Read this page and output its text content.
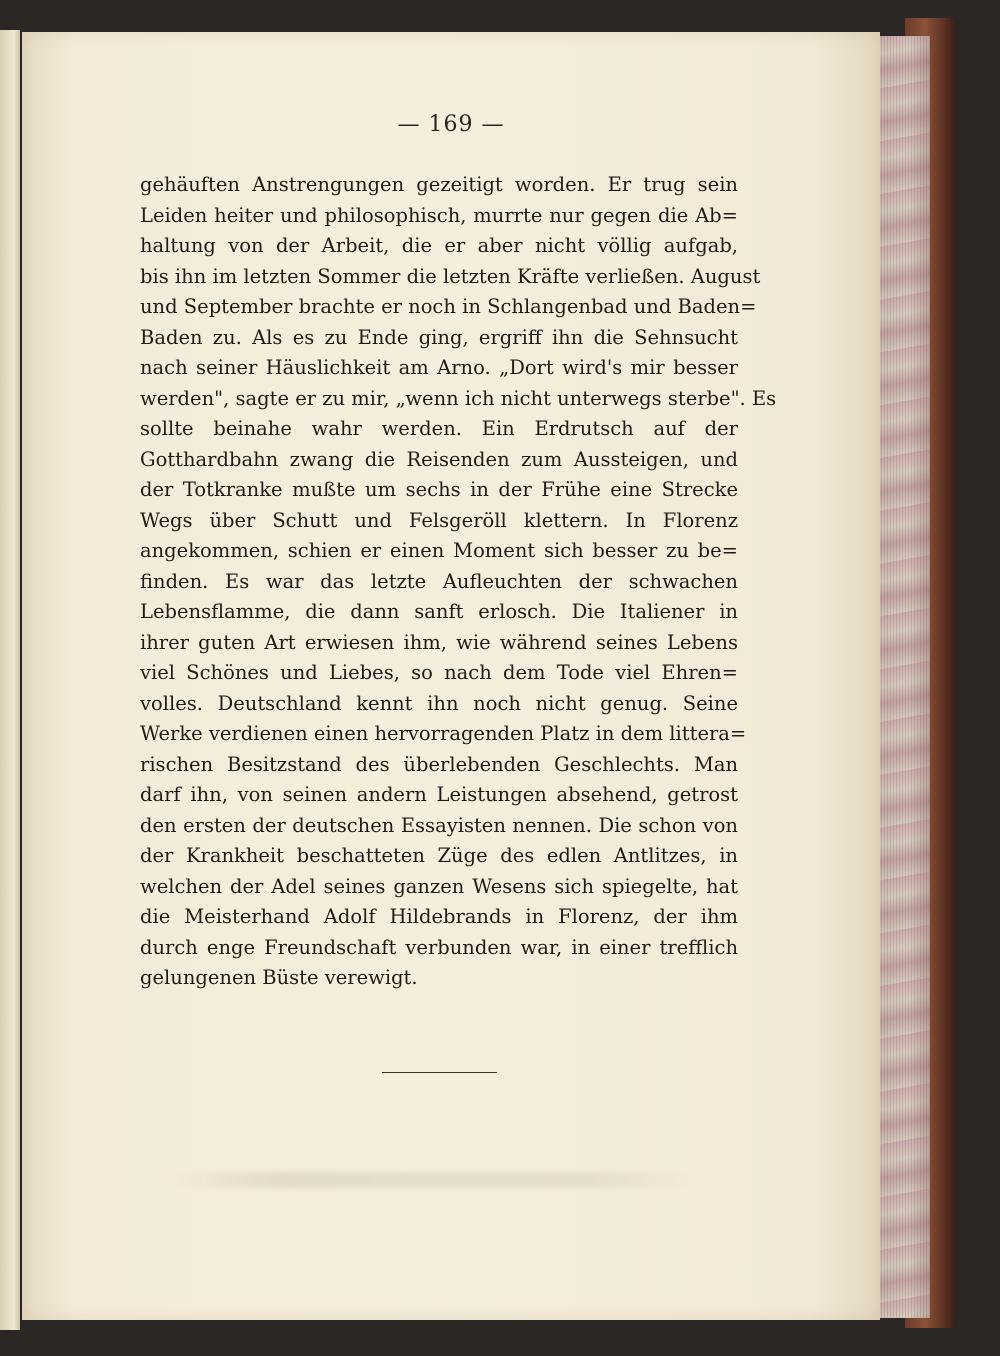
— 169 —

gehäuften Anstrengungen gezeitigt worden. Er trug sein
Leiden heiter und philosophisch, murrte nur gegen die Ab=
haltung von der Arbeit, die er aber nicht völlig aufgab,
bis ihn im letzten Sommer die letzten Kräfte verließen. August
und September brachte er noch in Schlangenbad und Baden=
Baden zu. Als es zu Ende ging, ergriff ihn die Sehnsucht
nach seiner Häuslichkeit am Arno. „Dort wird's mir besser
werden", sagte er zu mir, „wenn ich nicht unterwegs sterbe". Es
sollte beinahe wahr werden. Ein Erdrutsch auf der
Gotthardbahn zwang die Reisenden zum Aussteigen, und
der Totkranke mußte um sechs in der Frühe eine Strecke
Wegs über Schutt und Felsgeröll klettern. In Florenz
angekommen, schien er einen Moment sich besser zu be=
finden. Es war das letzte Aufleuchten der schwachen
Lebensflamme, die dann sanft erlosch. Die Italiener in
ihrer guten Art erwiesen ihm, wie während seines Lebens
viel Schönes und Liebes, so nach dem Tode viel Ehren=
volles. Deutschland kennt ihn noch nicht genug. Seine
Werke verdienen einen hervorragenden Platz in dem littera=
rischen Besitzstand des überlebenden Geschlechts. Man
darf ihn, von seinen andern Leistungen absehend, getrost
den ersten der deutschen Essayisten nennen. Die schon von
der Krankheit beschatteten Züge des edlen Antlitzes, in
welchen der Adel seines ganzen Wesens sich spiegelte, hat
die Meisterhand Adolf Hildebrands in Florenz, der ihm
durch enge Freundschaft verbunden war, in einer trefflich
gelungenen Büste verewigt.
